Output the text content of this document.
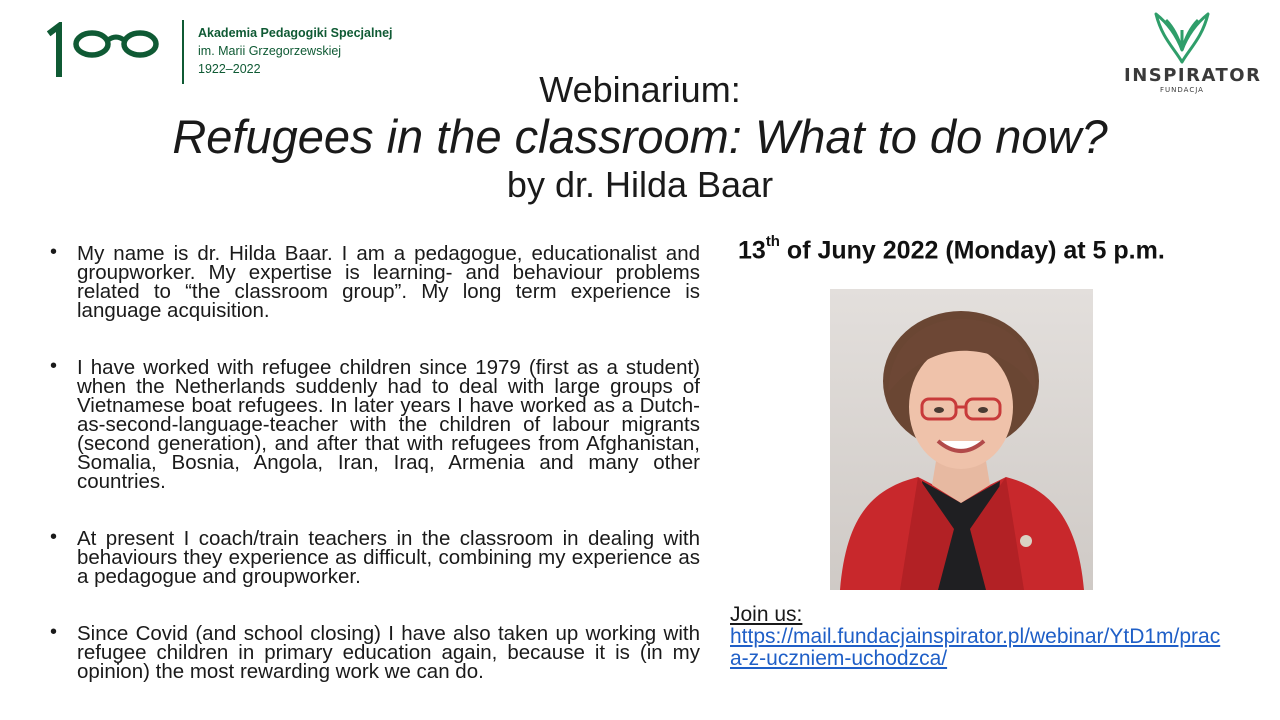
Akademia Pedagogiki Specjalnej
im. Marii Grzegorzewskiej
1922–2022	INSPIRATOR
FUNDACJA
Webinarium:
Refugees in the classroom: What to do now?
by dr. Hilda Baar
• My name is dr. Hilda Baar. I am a pedagogue, educationalist and groupworker. My expertise is learning- and behaviour problems related to “the classroom group”. My long term experience is language acquisition.
• I have worked with refugee children since 1979 (first as a student) when the Netherlands suddenly had to deal with large groups of Vietnamese boat refugees. In later years I have worked as a Dutch-as-second-language-teacher with the children of labour migrants (second generation), and after that with refugees from Afghanistan, Somalia, Bosnia, Angola, Iran, Iraq, Armenia and many other countries.
• At present I coach/train teachers in the classroom in dealing with behaviours they experience as difficult, combining my experience as a pedagogue and groupworker.
• Since Covid (and school closing) I have also taken up working with refugee children in primary education again, because it is (in my opinion) the most rewarding work we can do.
13th of Juny 2022 (Monday) at 5 p.m.
Join us:
https://mail.fundacjainspirator.pl/webinar/YtD1m/praca-z-uczniem-uchodzca/
